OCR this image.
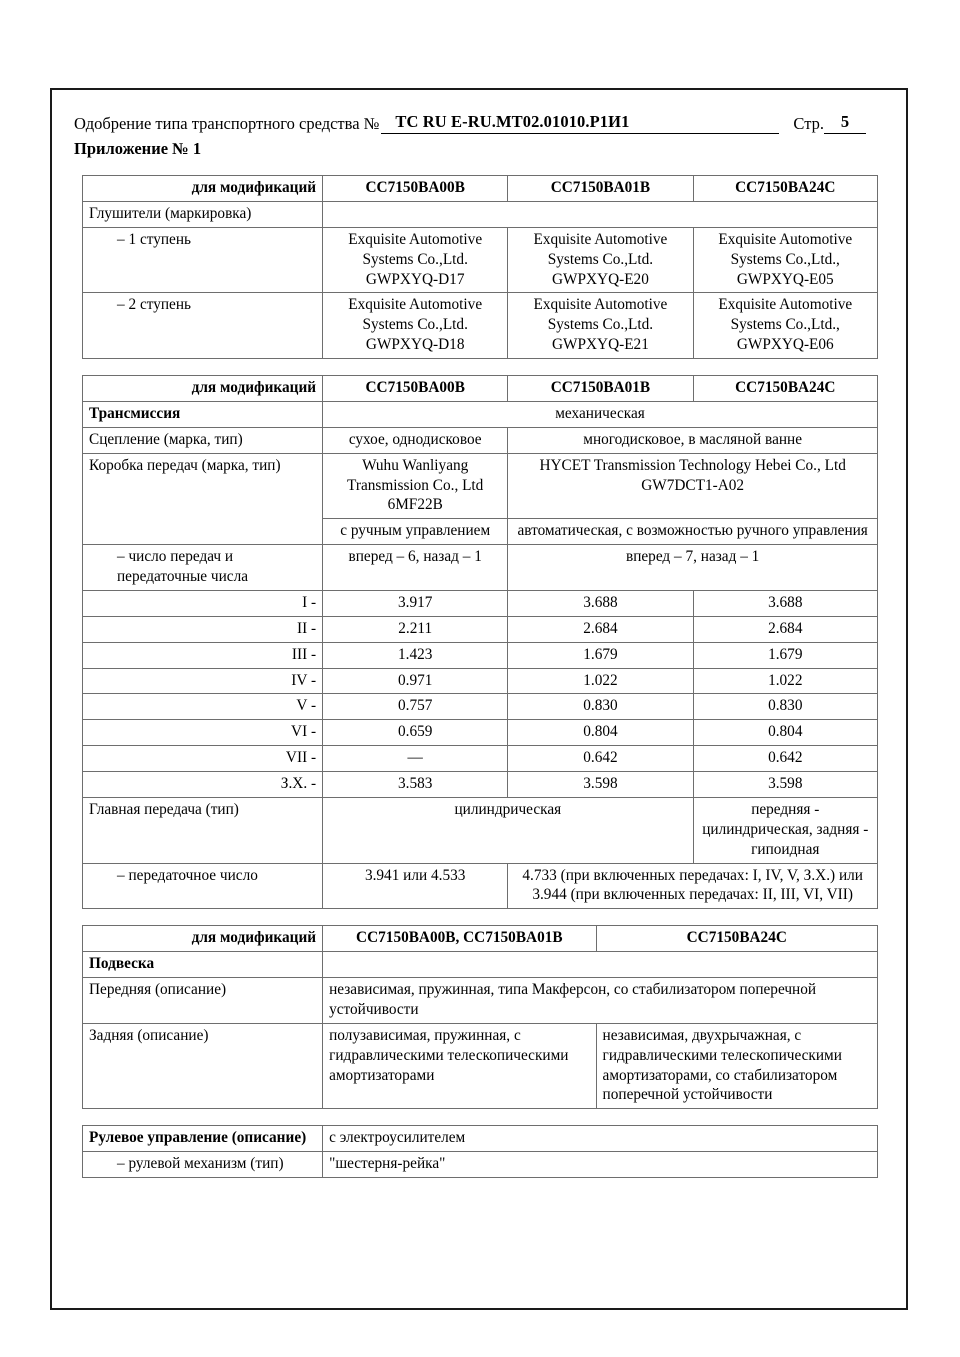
Одобрение типа транспортного средства № ТС RU E-RU.МТ02.01010.Р1И1	Стр.	5
Приложение № 1
для модификаций	CC7150BA00B	CC7150BA01B	CC7150BA24C
Глушители (маркировка)			
– 1 ступень	Exquisite Automotive Systems Co.,Ltd. GWPXYQ-D17	Exquisite Automotive Systems Co.,Ltd. GWPXYQ-E20	Exquisite Automotive Systems Co.,Ltd., GWPXYQ-E05
– 2 ступень	Exquisite Automotive Systems Co.,Ltd. GWPXYQ-D18	Exquisite Automotive Systems Co.,Ltd. GWPXYQ-E21	Exquisite Automotive Systems Co.,Ltd., GWPXYQ-E06
для модификаций	CC7150BA00B	CC7150BA01B	CC7150BA24C
Трансмиссия	механическая		
Сцепление (марка, тип)	сухое, однодисковое	многодисковое, в масляной ванне	
Коробка передач (марка, тип)	Wuhu Wanliyang Transmission Co., Ltd 6MF22B	HYCET Transmission Technology Hebei Co., Ltd GW7DCT1-A02	
	с ручным управлением	автоматическая, с возможностью ручного управления	
– число передач и передаточные числа	вперед – 6, назад – 1	вперед – 7, назад – 1	
I -	3.917	3.688	3.688
II -	2.211	2.684	2.684
III -	1.423	1.679	1.679
IV -	0.971	1.022	1.022
V -	0.757	0.830	0.830
VI -	0.659	0.804	0.804
VII -	—	0.642	0.642
З.Х. -	3.583	3.598	3.598
Главная передача (тип)	цилиндрическая		передняя - цилиндрическая, задняя - гипоидная
– передаточное число	3.941 или 4.533	4.733 (при включенных передачах: I, IV, V, З.Х.) или 3.944 (при включенных передачах: II, III, VI, VII)	
для модификаций	CC7150BA00B, CC7150BA01B	CC7150BA24C
Подвеска		
Передняя (описание)	независимая, пружинная, типа Макферсон, со стабилизатором поперечной устойчивости	
Задняя (описание)	полузависимая, пружинная, с гидравлическими телескопическими амортизаторами	независимая, двухрычажная, с гидравлическими телескопическими амортизаторами, со стабилизатором поперечной устойчивости
Рулевое управление (описание)	с электроусилителем
– рулевой механизм (тип)	"шестерня-рейка"
